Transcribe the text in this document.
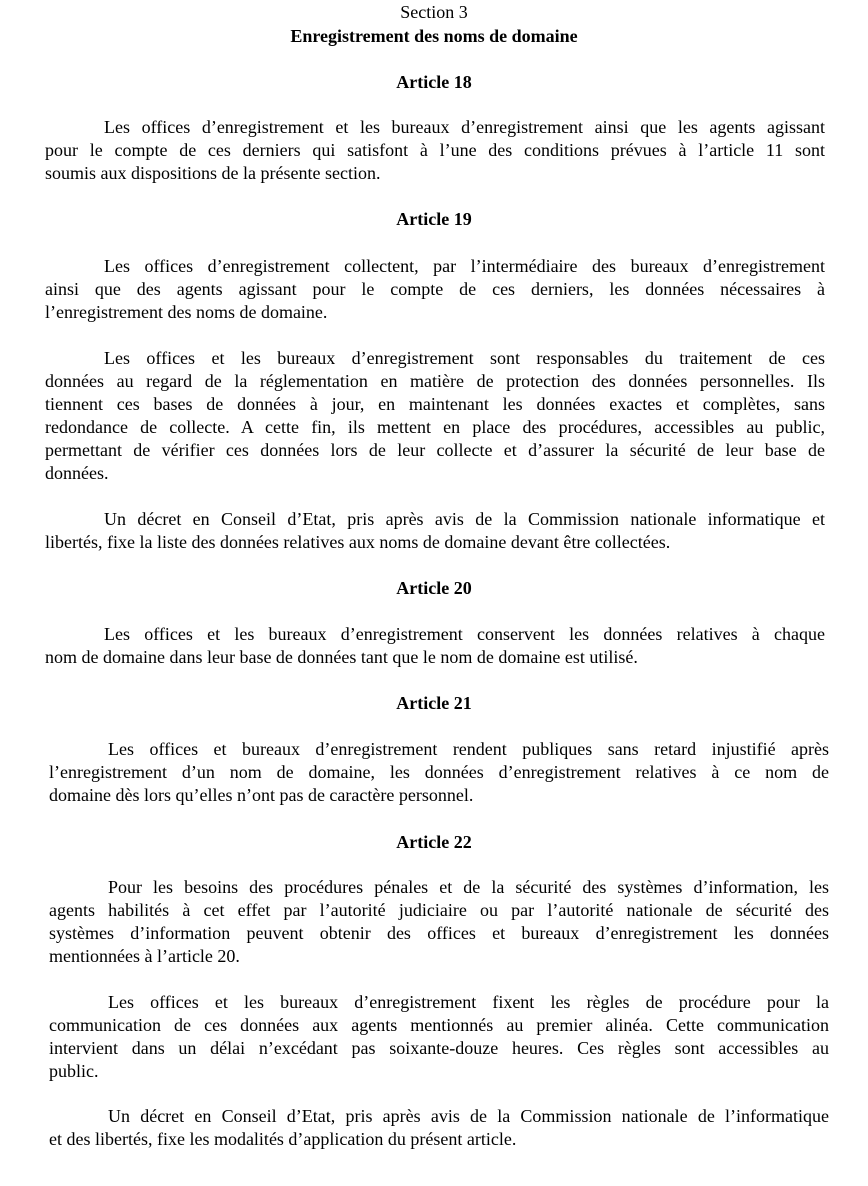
Section 3
Enregistrement des noms de domaine
Article 18
Les offices d’enregistrement et les bureaux d’enregistrement ainsi que les agents agissant
pour le compte de ces derniers qui satisfont à l’une des conditions prévues à l’article 11 sont
soumis aux dispositions de la présente section.
Article 19
Les offices d’enregistrement collectent, par l’intermédiaire des bureaux d’enregistrement
ainsi que des agents agissant pour le compte de ces derniers, les données nécessaires à
l’enregistrement des noms de domaine.
Les offices et les bureaux d’enregistrement sont responsables du traitement de ces
données au regard de la réglementation en matière de protection des données personnelles. Ils
tiennent ces bases de données à jour, en maintenant les données exactes et complètes, sans
redondance de collecte. A cette fin, ils mettent en place des procédures, accessibles au public,
permettant de vérifier ces données lors de leur collecte et d’assurer la sécurité de leur base de
données.
Un décret en Conseil d’Etat, pris après avis de la Commission nationale informatique et
libertés, fixe la liste des données relatives aux noms de domaine devant être collectées.
Article 20
Les offices et les bureaux d’enregistrement conservent les données relatives à chaque
nom de domaine dans leur base de données tant que le nom de domaine est utilisé.
Article 21
Les offices et bureaux d’enregistrement rendent publiques sans retard injustifié après
l’enregistrement d’un nom de domaine, les données d’enregistrement relatives à ce nom de
domaine dès lors qu’elles n’ont pas de caractère personnel.
Article 22
Pour les besoins des procédures pénales et de la sécurité des systèmes d’information, les
agents habilités à cet effet par l’autorité judiciaire ou par l’autorité nationale de sécurité des
systèmes d’information peuvent obtenir des offices et bureaux d’enregistrement les données
mentionnées à l’article 20.
Les offices et les bureaux d’enregistrement fixent les règles de procédure pour la
communication de ces données aux agents mentionnés au premier alinéa. Cette communication
intervient dans un délai n’excédant pas soixante-douze heures. Ces règles sont accessibles au
public.
Un décret en Conseil d’Etat, pris après avis de la Commission nationale de l’informatique
et des libertés, fixe les modalités d’application du présent article.
